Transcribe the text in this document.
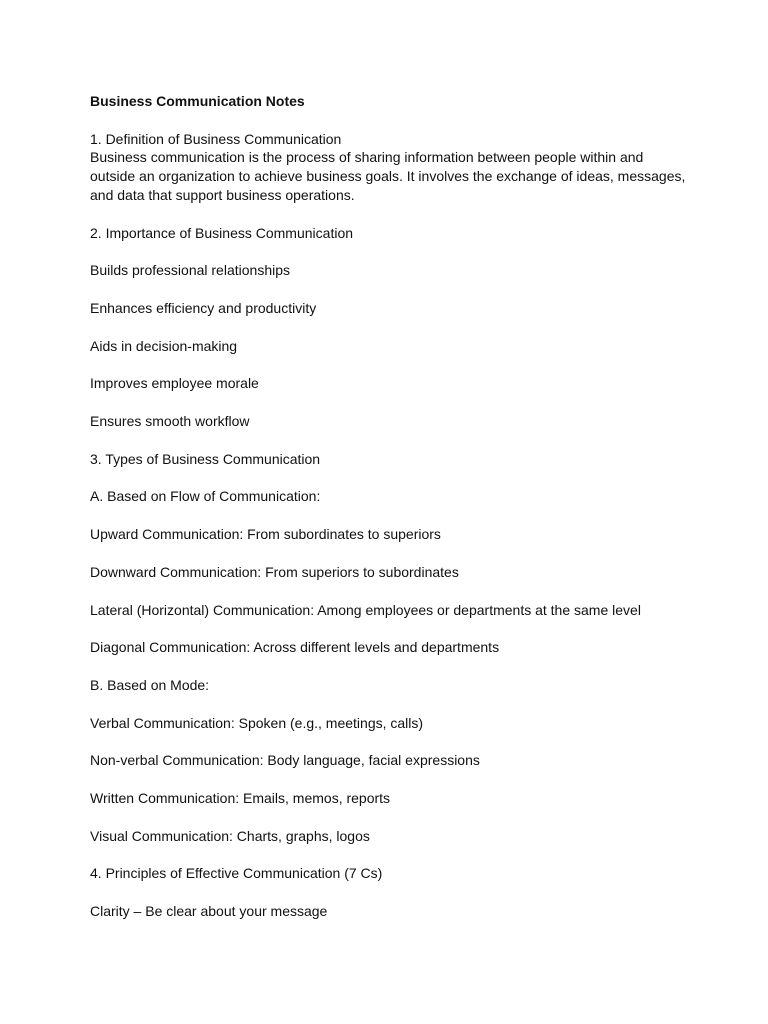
Business Communication Notes

1. Definition of Business Communication

Business communication is the process of sharing information between people within and

outside an organization to achieve business goals. It involves the exchange of ideas, messages,

and data that support business operations.

2. Importance of Business Communication

Builds professional relationships

Enhances efficiency and productivity

Aids in decision-making

Improves employee morale

Ensures smooth workflow

3. Types of Business Communication

A. Based on Flow of Communication:

Upward Communication: From subordinates to superiors

Downward Communication: From superiors to subordinates

Lateral (Horizontal) Communication: Among employees or departments at the same level

Diagonal Communication: Across different levels and departments

B. Based on Mode:

Verbal Communication: Spoken (e.g., meetings, calls)

Non-verbal Communication: Body language, facial expressions

Written Communication: Emails, memos, reports

Visual Communication: Charts, graphs, logos

4. Principles of Effective Communication (7 Cs)

Clarity – Be clear about your message
